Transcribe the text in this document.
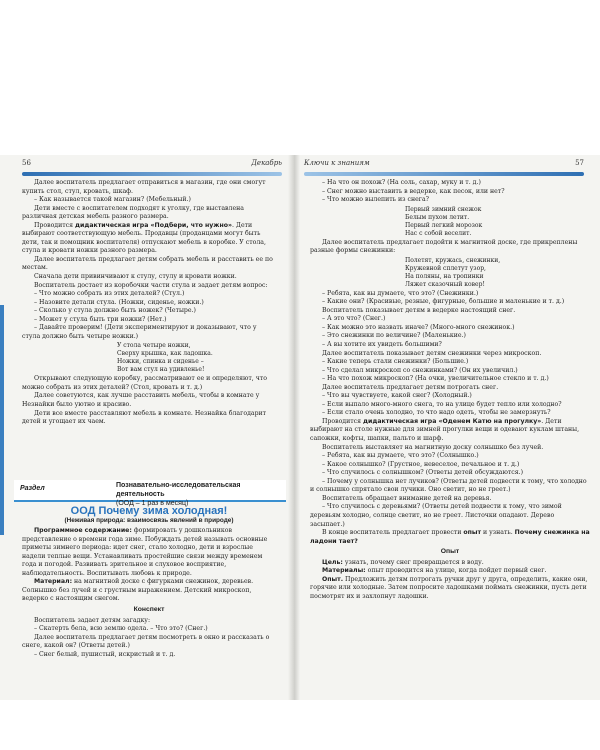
56	Декабрь

Далее воспитатель предлагает отправиться в магазин, где они смогут купить стол, стул, кровать, шкаф.

– Как называется такой магазин? (Мебельный.)

Дети вместе с воспитателем подходят к уголку, где выставлена различная детская мебель разного размера.

Проводится дидактическая игра «Подбери, что нужно». Дети выбирают соответствующую мебель. Продавцы (проданцами могут быть дети, так и помощник воспитателя) отпускают мебель в коробке. У стола, стула и кровати ножки разного размера.

Далее воспитатель предлагает детям собрать мебель и расставить ее по местам.

Сначала дети привинчивают к стулу, стулу и кровати ножки.

Воспитатель достает из коробочки части стула и задает детям вопрос:

– Что можно собрать из этих деталей? (Стул.)

– Назовите детали стула. (Ножки, сиденье, ножки.)

– Сколько у стула должно быть ножек? (Четыре.)

– Может у стула быть три ножки? (Нет.)

– Давайте проверим! (Дети экспериментируют и доказывают, что у стула должно быть четыре ножки.)

У стола четыре ножки,
Сверху крышка, как ладошка.
Ножки, спинка и сиденье –
Вот вам стул на удивленье!

Открывают следующую коробку, рассматривают ее и определяют, что можно собрать из этих деталей? (Стол, кровать и т. д.)

Далее советуются, как лучше расставить мебель, чтобы в комнате у Незнайки было уютно и красиво.

Дети все вместе расставляют мебель в комнате. Незнайка благодарит детей и угощает их чаем.

Раздел	Познавательно-исследовательская деятельность
(ООД – 1 раз в месяц)
ООД Почему зима холодная!
(Неживая природа: взаимосвязь явлений в природе)

Программное содержание: формировать у дошкольников представление о времени года зиме. Побуждать детей называть основные приметы зимнего периода: идет снег, стало холодно, дети и взрослые надели теплые вещи. Устанавливать простейшие связи между временем года и погодой. Развивать зрительное и слуховое восприятие, наблюдательность. Воспитывать любовь к природе.

Материал: на магнитной доске с фигурками снежинок, деревьев. Солнышко без лучей и с грустным выражением. Детский микроскоп, ведерко с настоящим снегом.

Конспект

Воспитатель задает детям загадку:

– Скатерть бела, всю землю одела. – Что это? (Снег.)

Далее воспитатель предлагает детям посмотреть в окно и рассказать о снеге, какой он? (Ответы детей.)

– Снег белый, пушистый, искристый и т. д.

Ключи к знаниям	57

– На что он похож? (На соль, сахар, муку и т. д.)

– Снег можно выставить в ведерке, как песок, или нет?

– Что можно вылепить из снега?

Первый зимний снежок
Белым пухом летит.
Первый легкий морозок
Нас с собой веселит.

Далее воспитатель предлагает подойти к магнитной доске, где прикреплены разные формы снежинки:

Полетят, кружась, снежинки,
Кружевной сплетут узор,
На поляны, на тропинки
Ляжет сказочный ковер!

– Ребята, как вы думаете, что это? (Снежинки.)

– Какие они? (Красивые, резные, фигурные, большие и маленькие и т. д.)

Воспитатель показывает детям в ведерке настоящий снег.

– А это что? (Снег.)

– Как можно это назвать иначе? (Много-много снежинок.)

– Это снежинки по величине? (Маленькие.)

– А вы хотите их увидеть большими?

Далее воспитатель показывает детям снежинки через микроскоп.

– Какие теперь стали снежинки? (Большие.)

– Что сделал микроскоп со снежинками? (Он их увеличил.)

– На что похож микроскоп? (На очки, увеличительное стекло и т. д.)

Далее воспитатель предлагает детям потрогать снег.

– Что вы чувствуете, какой снег? (Холодный.)

– Если выпало много-много снега, то на улице будет тепло или холодно?

– Если стало очень холодно, то что надо одеть, чтобы не замерзнуть?

Проводится дидактическая игра «Оденем Катю на прогулку». Дети выбирают на столе нужные для зимней прогулки вещи и одевают куклам штаны, сапожки, кофты, шапки, пальто и шарф.

Воспитатель выставляет на магнитную доску солнышко без лучей.

– Ребята, как вы думаете, что это? (Солнышко.)

– Какое солнышко? (Грустное, невеселое, печальное и т. д.)

– Что случилось с солнышком? (Ответы детей обсуждаются.)

– Почему у солнышка нет лучиков? (Ответы детей подвести к тому, что холодно и солнышко спрятало свои лучики. Оно светит, но не греет.)

Воспитатель обращает внимание детей на деревья.

– Что случилось с деревьями? (Ответы детей подвести к тому, что зимой деревьям холодно, солнце светит, но не греет. Листочки опадают. Дерево засыпает.)

В конце воспитатель предлагает провести опыт и узнать. Почему снежинка на ладони тает?

Опыт

Цель: узнать, почему снег превращается в воду.

Материалы: опыт проводится на улице, когда пойдет первый снег.

Опыт. Предложить детям потрогать ручки друг у друга, определить, какие они, горячие или холодные. Затем попросите ладошками поймать снежинки, пусть дети посмотрят их и захлопнут ладошки.
